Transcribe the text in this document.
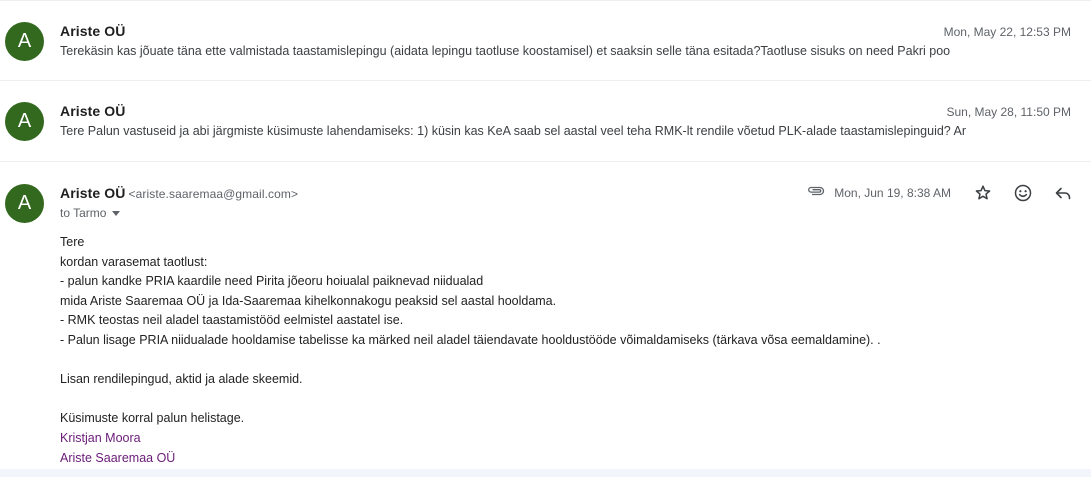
A	Ariste OÜ	Mon, May 22, 12:53 PM
Terekäsin kas jõuate täna ette valmistada taastamislepingu (aidata lepingu taotluse koostamisel) et saaksin selle täna esitada?Taotluse sisuks on need Pakri poo
A	Ariste OÜ	Sun, May 28, 11:50 PM
Tere Palun vastuseid ja abi järgmiste küsimuste lahendamiseks: 1) küsin kas KeA saab sel aastal veel teha RMK-lt rendile võetud PLK-alade taastamislepinguid? Ar
A	Ariste OÜ <ariste.saaremaa@gmail.com>
to Tarmo
Mon, Jun 19, 8:38 AM
Tere
kordan varasemat taotlust:
- palun kandke PRIA kaardile need Pirita jõeoru hoiualal paiknevad niidualad
mida Ariste Saaremaa OÜ ja Ida-Saaremaa kihelkonnakogu peaksid sel aastal hooldama.
- RMK teostas neil aladel taastamistööd eelmistel aastatel ise.
- Palun lisage PRIA niidualade hooldamise tabelisse ka märked neil aladel täiendavate hooldustööde võimaldamiseks (tärkava võsa eemaldamine). .
Lisan rendilepingud, aktid ja alade skeemid.
Küsimuste korral palun helistage.
Kristjan Moora
Ariste Saaremaa OÜ
